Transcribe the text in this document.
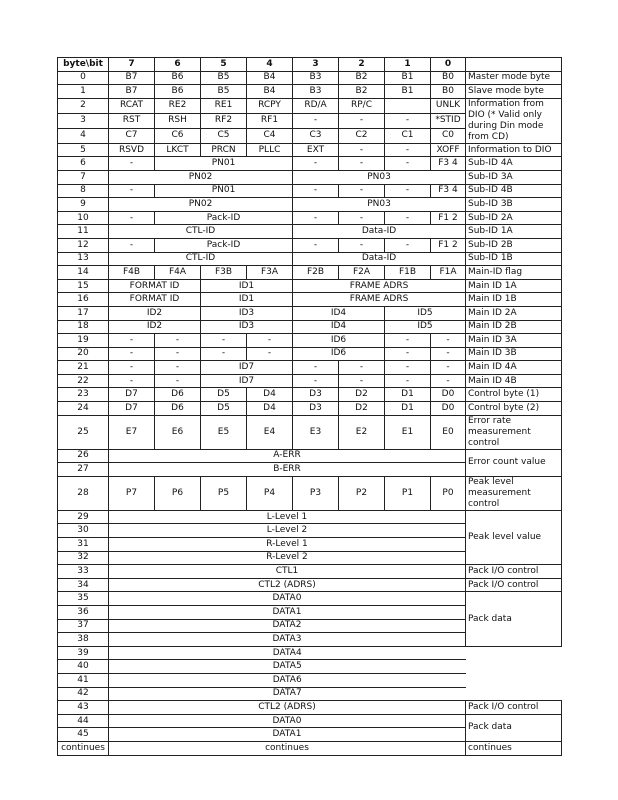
byte\bit	7	6	5	4	3	2	1	0	
0	B7	B6	B5	B4	B3	B2	B1	B0	Master mode byte
1	B7	B6	B5	B4	B3	B2	B1	B0	Slave mode byte
2	RCAT	RE2	RE1	RCPY	RD/A	RP/C		UNLK	Information from DIO (* Valid only during Din mode from CD)
3	RST	RSH	RF2	RF1	-	-	-	*STID	
4	C7	C6	C5	C4	C3	C2	C1	C0	
5	RSVD	LKCT	PRCN	PLLC	EXT	-	-	XOFF	Information to DIO
6	-	PN01			-	-	-	F3 4	Sub-ID 4A
7	PN02				PN03				Sub-ID 3A
8	-	PN01			-	-	-	F3 4	Sub-ID 4B
9	PN02				PN03				Sub-ID 3B
10	-	Pack-ID			-	-	-	F1 2	Sub-ID 2A
11	CTL-ID				Data-ID				Sub-ID 1A
12	-	Pack-ID			-	-	-	F1 2	Sub-ID 2B
13	CTL-ID				Data-ID				Sub-ID 1B
14	F4B	F4A	F3B	F3A	F2B	F2A	F1B	F1A	Main-ID flag
15	FORMAT ID		ID1		FRAME ADRS				Main ID 1A
16	FORMAT ID		ID1		FRAME ADRS				Main ID 1B
17	ID2		ID3		ID4		ID5		Main ID 2A
18	ID2		ID3		ID4		ID5		Main ID 2B
19	-	-	-	-	ID6		-	-	Main ID 3A
20	-	-	-	-	ID6		-	-	Main ID 3B
21	-	-	ID7		-	-	-	-	Main ID 4A
22	-	-	ID7		-	-	-	-	Main ID 4B
23	D7	D6	D5	D4	D3	D2	D1	D0	Control byte (1)
24	D7	D6	D5	D4	D3	D2	D1	D0	Control byte (2)
25	E7	E6	E5	E4	E3	E2	E1	E0	Error rate measurement control
26	A-ERR								Error count value
27	B-ERR								
28	P7	P6	P5	P4	P3	P2	P1	P0	Peak level measurement control
29	L-Level 1								Peak level value
30	L-Level 2								
31	R-Level 1								
32	R-Level 2								
33	CTL1								Pack I/O control
34	CTL2 (ADRS)								Pack I/O control
35	DATA0								Pack data
36	DATA1								
37	DATA2								
38	DATA3								
39	DATA4								
40	DATA5								
41	DATA6								
42	DATA7								
43	CTL2 (ADRS)								Pack I/O control
44	DATA0								Pack data
45	DATA1								
continues	continues								continues
